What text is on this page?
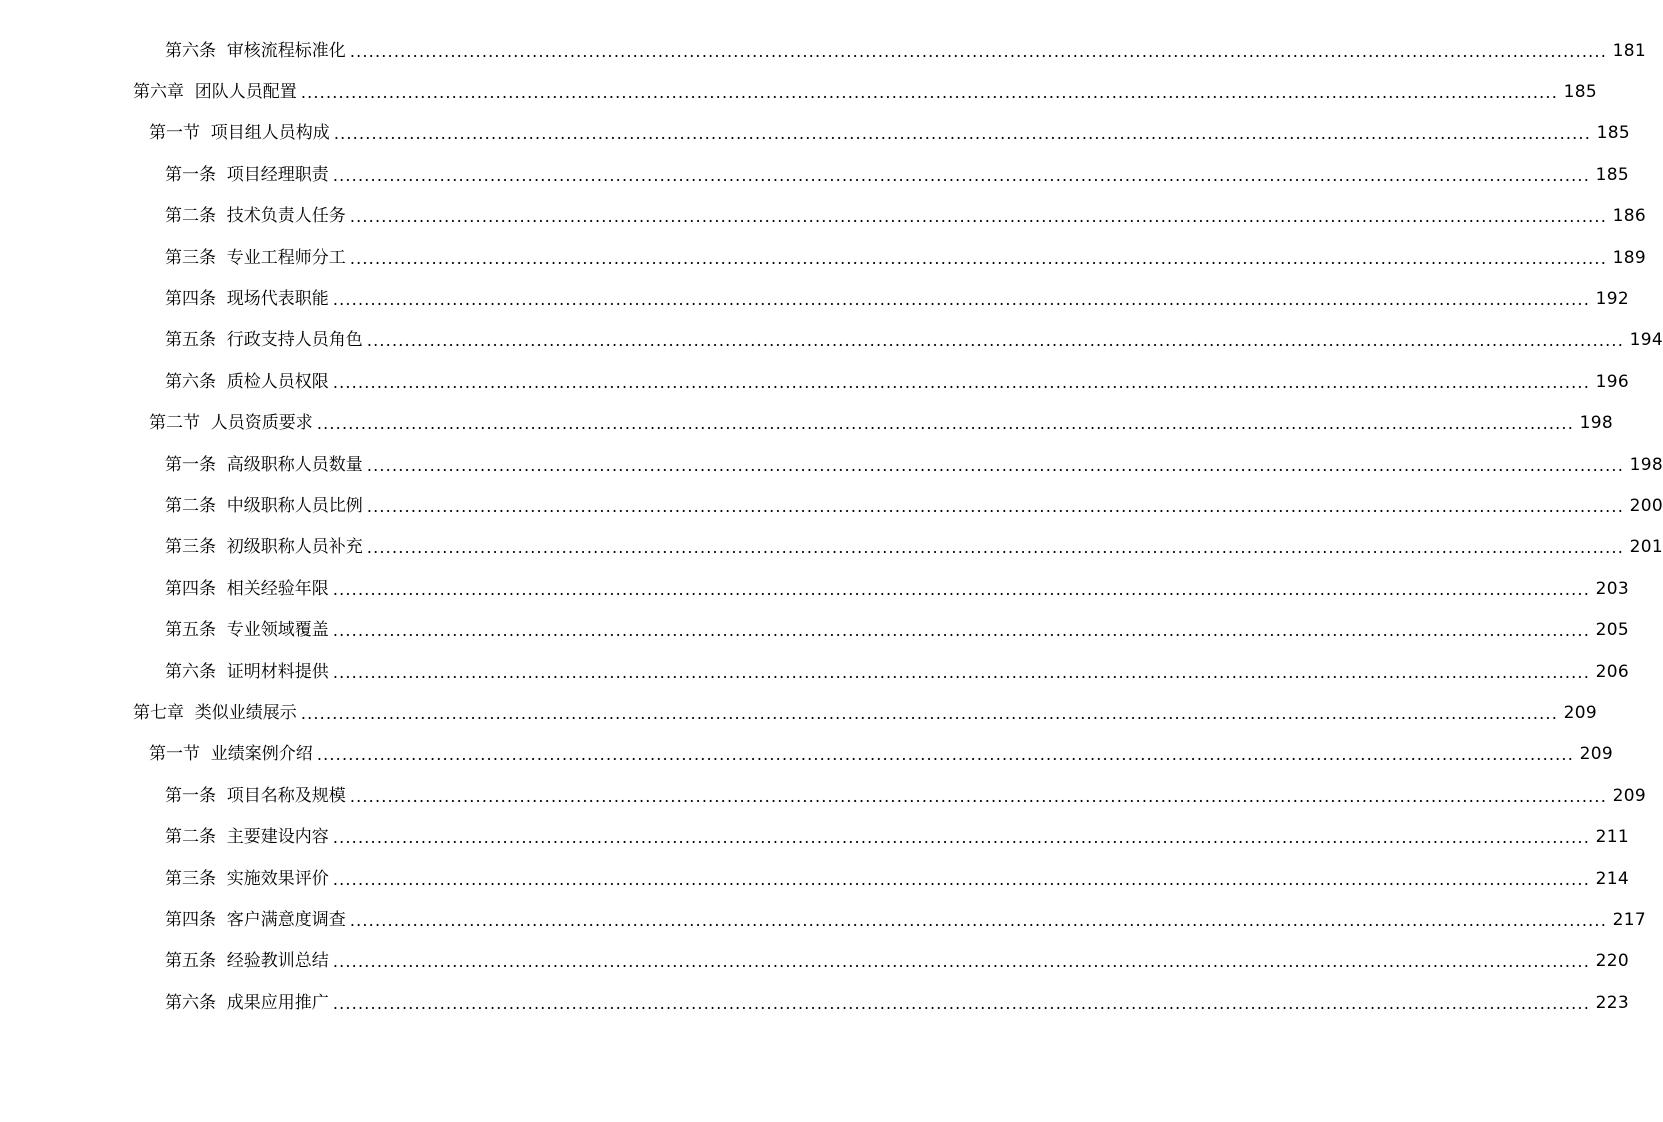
第六条  审核流程标准化 ........................................................................................................................................................................................................ 181
第六章  团队人员配置 ........................................................................................................................................................................................................ 185
第一节  项目组人员构成 ........................................................................................................................................................................................................ 185
第一条  项目经理职责 ........................................................................................................................................................................................................ 185
第二条  技术负责人任务 ........................................................................................................................................................................................................ 186
第三条  专业工程师分工 ........................................................................................................................................................................................................ 189
第四条  现场代表职能 ........................................................................................................................................................................................................ 192
第五条  行政支持人员角色 ........................................................................................................................................................................................................ 194
第六条  质检人员权限 ........................................................................................................................................................................................................ 196
第二节  人员资质要求 ........................................................................................................................................................................................................ 198
第一条  高级职称人员数量 ........................................................................................................................................................................................................ 198
第二条  中级职称人员比例 ........................................................................................................................................................................................................ 200
第三条  初级职称人员补充 ........................................................................................................................................................................................................ 201
第四条  相关经验年限 ........................................................................................................................................................................................................ 203
第五条  专业领域覆盖 ........................................................................................................................................................................................................ 205
第六条  证明材料提供 ........................................................................................................................................................................................................ 206
第七章  类似业绩展示 ........................................................................................................................................................................................................ 209
第一节  业绩案例介绍 ........................................................................................................................................................................................................ 209
第一条  项目名称及规模 ........................................................................................................................................................................................................ 209
第二条  主要建设内容 ........................................................................................................................................................................................................ 211
第三条  实施效果评价 ........................................................................................................................................................................................................ 214
第四条  客户满意度调查 ........................................................................................................................................................................................................ 217
第五条  经验教训总结 ........................................................................................................................................................................................................ 220
第六条  成果应用推广 ........................................................................................................................................................................................................ 223
